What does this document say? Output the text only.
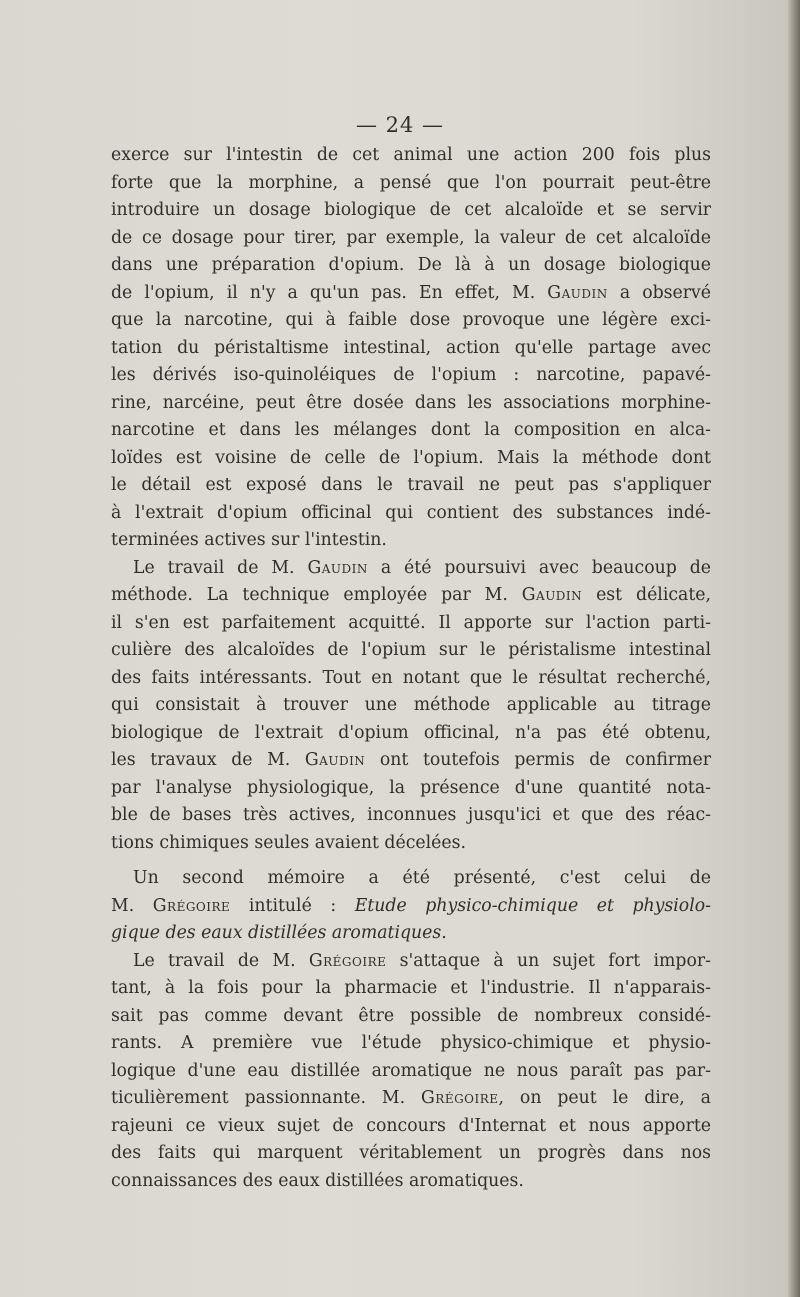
— 24 —

exerce sur l'intestin de cet animal une action 200 fois plus

forte que la morphine, a pensé que l'on pourrait peut-être

introduire un dosage biologique de cet alcaloïde et se servir

de ce dosage pour tirer, par exemple, la valeur de cet alcaloïde

dans une préparation d'opium. De là à un dosage biologique

de l'opium, il n'y a qu'un pas. En effet, M. Gaudin a observé

que la narcotine, qui à faible dose provoque une légère exci-

tation du péristaltisme intestinal, action qu'elle partage avec

les dérivés iso-quinoléiques de l'opium : narcotine, papavé-

rine, narcéine, peut être dosée dans les associations morphine-

narcotine et dans les mélanges dont la composition en alca-

loïdes est voisine de celle de l'opium. Mais la méthode dont

le détail est exposé dans le travail ne peut pas s'appliquer

à l'extrait d'opium officinal qui contient des substances indé-

terminées actives sur l'intestin.

Le travail de M. Gaudin a été poursuivi avec beaucoup de

méthode. La technique employée par M. Gaudin est délicate,

il s'en est parfaitement acquitté. Il apporte sur l'action parti-

culière des alcaloïdes de l'opium sur le péristalisme intestinal

des faits intéressants. Tout en notant que le résultat recherché,

qui consistait à trouver une méthode applicable au titrage

biologique de l'extrait d'opium officinal, n'a pas été obtenu,

les travaux de M. Gaudin ont toutefois permis de confirmer

par l'analyse physiologique, la présence d'une quantité nota-

ble de bases très actives, inconnues jusqu'ici et que des réac-

tions chimiques seules avaient décelées.

Un second mémoire a été présenté, c'est celui de

M. Grégoire intitulé : Etude physico-chimique et physiolo-

gique des eaux distillées aromatiques.

Le travail de M. Grégoire s'attaque à un sujet fort impor-

tant, à la fois pour la pharmacie et l'industrie. Il n'apparais-

sait pas comme devant être possible de nombreux considé-

rants. A première vue l'étude physico-chimique et physio-

logique d'une eau distillée aromatique ne nous paraît pas par-

ticulièrement passionnante. M. Grégoire, on peut le dire, a

rajeuni ce vieux sujet de concours d'Internat et nous apporte

des faits qui marquent véritablement un progrès dans nos

connaissances des eaux distillées aromatiques.
